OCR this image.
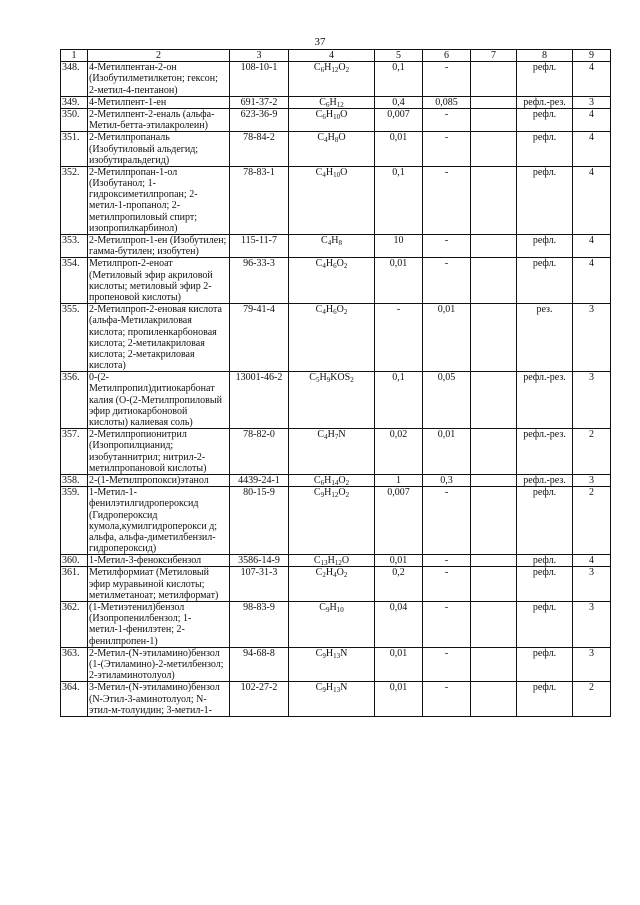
37
1	2	3	4	5	6	7	8	9
348.	4-Метилпентан-2-он (Изобутилметилкетон; гексон; 2-метил-4-пентанон)	108-10-1	$C_6H_{12}O_2$	0,1	-		рефл.	4
349.	4-Метилпент-1-ен	691-37-2	$C_6H_{12}$	0,4	0,085		рефл.-рез.	3
350.	2-Метилпент-2-еналь (альфа-Метил-бетта-этилакролеин)	623-36-9	$C_6H_{10}O$	0,007	-		рефл.	4
351.	2-Метилпропаналь (Изобутиловый альдегид; изобутиральдегид)	78-84-2	$C_4H_8O$	0,01	-		рефл.	4
352.	2-Метилпропан-1-ол (Изобутанол; 1-гидроксиметилпропан; 2-метил-1-пропанол; 2-метилпропиловый спирт; изопропилкарбинол)	78-83-1	$C_4H_{10}O$	0,1	-		рефл.	4
353.	2-Метилпроп-1-ен (Изобутилен; гамма-бутилен; изобутен)	115-11-7	$C_4H_8$	10	-		рефл.	4
354.	Метилпроп-2-еноат (Метиловый эфир акриловой кислоты; метиловый эфир 2-пропеновой кислоты)	96-33-3	$C_4H_6O_2$	0,01	-		рефл.	4
355.	2-Метилпроп-2-еновая кислота (альфа-Метилакриловая кислота; пропиленкарбоновая кислота; 2-метилакриловая кислота; 2-метакриловая кислота)	79-41-4	$C_4H_6O_2$	-	0,01		рез.	3
356.	0-(2-Метилпропил)дитиокарбонат калия (О-(2-Метилпропиловый эфир дитиокарбоновой кислоты) калиевая соль)	13001-46-2	$C_5H_9KOS_2$	0,1	0,05		рефл.-рез.	3
357.	2-Метилпропионитрил (Изопропилцианид; изобутаннитрил; нитрил-2-метилпропановой кислоты)	78-82-0	$C_4H_7N$	0,02	0,01		рефл.-рез.	2
358.	2-(1-Метилпропокси)этанол	4439-24-1	$C_6H_{14}O_2$	1	0,3		рефл.-рез.	3
359.	1-Метил-1-фенилэтилгидропероксид (Гидропероксид кумола,кумилгидроперокси д; альфа, альфа-диметилбензил-гидропероксид)	80-15-9	$C_9H_{12}O_2$	0,007	-		рефл.	2
360.	1-Метил-3-феноксибензол	3586-14-9	$C_{13}H_{12}O$	0,01	-		рефл.	4
361.	Метилформиат (Метиловый эфир муравьиной кислоты; метилметаноат; метилформат)	107-31-3	$C_2H_4O_2$	0,2	-		рефл.	3
362.	(1-Метиэтенил)бензол (Изопропенилбензол; 1-метил-1-фенилэтен; 2-фенилпропен-1)	98-83-9	$C_9H_{10}$	0,04	-		рефл.	3
363.	2-Метил-(N-этиламино)бензол (1-(Этиламино)-2-метилбензол; 2-этиламинотолуол)	94-68-8	$C_9H_{13}N$	0,01	-		рефл.	3
364.	3-Метил-(N-этиламино)бензол (N-Этил-3-аминотолуол; N-этил-м-толуидин; 3-метил-1-	102-27-2	$C_9H_{13}N$	0,01	-		рефл.	2
